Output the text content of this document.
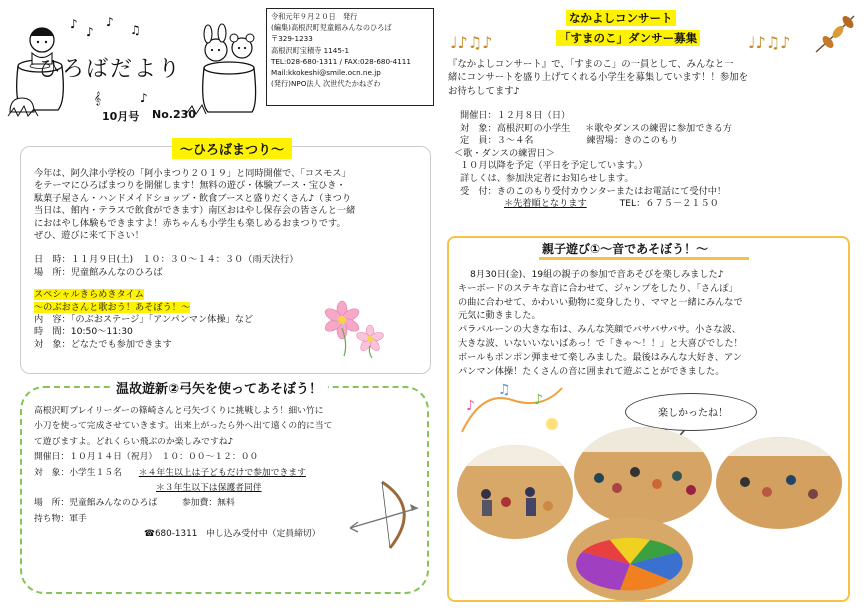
♪
♪
♪
♫
𝄞	♪
ひろばだより
10月号 No.230
令和元年９月２０日　発行
(編集)高根沢町児童館みんなのひろば
〒329-1233
高根沢町宝積寺 1145-1
TEL:028-680-1311 / FAX:028-680-4111
Mail:kkokeshi@smile.ocn.ne.jp
(発行)NPO法人 次世代たかねざわ
～ひろばまつり～
今年は、阿久津小学校の「阿小まつり２０１９」と同時開催で、「コスモス」
をテーマにひろばまつりを開催します！無料の遊び・体験ブース・宝ひき・
駄菓子屋さん・ハンドメイドショップ・飲食ブースと盛りだくさん♪（まつり
当日は、館内・テラスで飲食ができます）南区おはやし保存会の皆さんと一緒
におはやし体験もできますよ！赤ちゃんも小学生も楽しめるおまつりです。
ぜひ、遊びに来て下さい！
日　時：１１月９日(土)　１０：３０～１４：３０（雨天決行）
場　所：児童館みんなのひろば
スペシャルきらめきタイム
～のぶおさんと歌おう！あそぼう！～
内　容：「のぶおステージ」「アンパンマン体操」など
時　間：10:50～11:30
対　象：どなたでも参加できます
温故遊新②弓矢を使ってあそぼう！
高根沢町プレイリーダーの篠崎さんと弓矢づくりに挑戦しよう！細い竹に
小刀を使って完成させていきます。出来上がったら外へ出て遠くの的に当て
て遊びますよ。どれくらい飛ぶのか楽しみですね♪
開催日：１０月１４日（祝月）　１０：００～１２：００
対　象：小学生１５名 ＊４年生以上は子どもだけで参加できます
＊３年生以下は保護者同伴
場　所：児童館みんなのひろば	参加費：無料
持ち物：軍手
☎680-1311　申し込み受付中（定員締切）
♩♪♫♪	♩♪♫♪
なかよしコンサート
「すまのこ」ダンサー募集
『なかよしコンサート』で、「すまのこ」の一員として、みんなと一
緒にコンサートを盛り上げてくれる小学生を募集しています！！参加を
お待ちしてます♪
開催日：１２月８日（日）
対　象：高根沢町の小学生 ＊歌やダンスの練習に参加できる方
定　員：３～４名	練習場：きのこのもり
＜歌・ダンスの練習日＞
１０月以降を予定（平日を予定しています。）
詳しくは、参加決定者にお知らせします。
受　付：きのこのもり受付カウンターまたはお電話にて受付中！
＊先着順となります	TEL：６７５－２１５０
親子遊び①～音であそぼう！～
8月30日(金)、19組の親子の参加で音あそびを楽しみました♪
キーボードのステキな音に合わせて、ジャンプをしたり、「さんぽ」
の曲に合わせて、かわいい動物に変身したり、ママと一緒にみんなで
元気に動きました。
パラバルーンの大きな布は、みんな笑顔でバサバサバサ。小さな波、
大きな波、いないいないばあっ！で「きゃ～！！」と大喜びでした！
ボールもポンポン弾ませて楽しみました。最後はみんな大好き、アン
パンマン体操！たくさんの音に囲まれて遊ぶことができました。
♪
♫
♪
楽しかったね！
